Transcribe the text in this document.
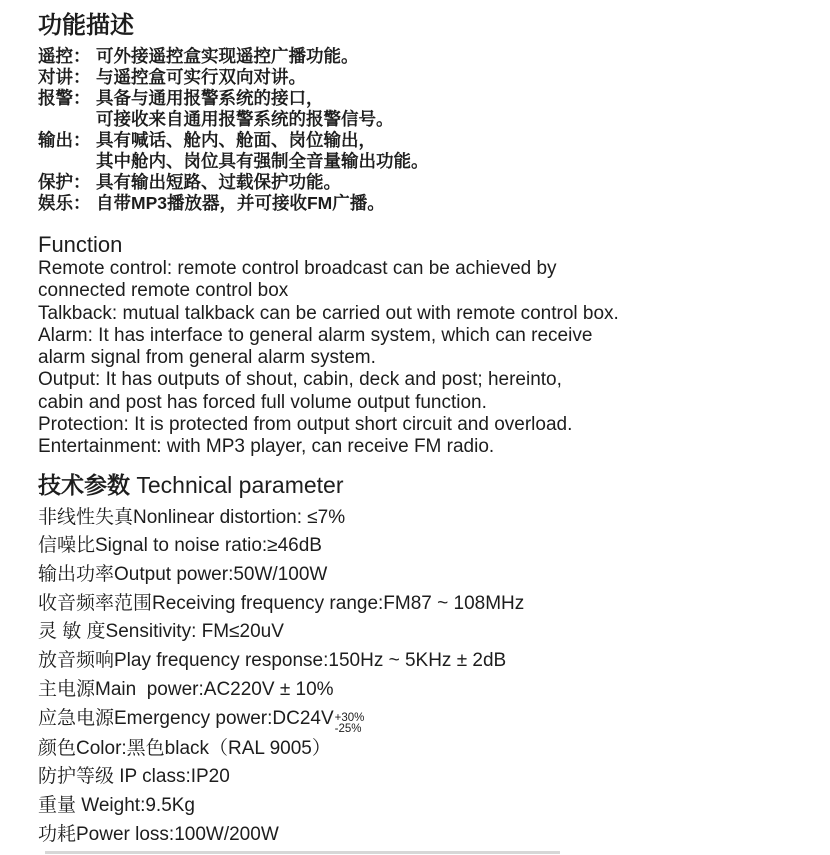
功能描述
遥控： 可外接遥控盒实现遥控广播功能。
对讲： 与遥控盒可实行双向对讲。
报警： 具备与通用报警系统的接口，
可接收来自通用报警系统的报警信号。
输出： 具有喊话、舱内、舱面、岗位输出，
其中舱内、岗位具有强制全音量输出功能。
保护： 具有输出短路、过载保护功能。
娱乐： 自带MP3播放器，并可接收FM广播。
Function
Remote control: remote control broadcast can be achieved by
connected remote control box
Talkback: mutual talkback can be carried out with remote control box.
Alarm: It has interface to general alarm system, which can receive
alarm signal from general alarm system.
Output: It has outputs of shout, cabin, deck and post; hereinto,
cabin and post has forced full volume output function.
Protection: It is protected from output short circuit and overload.
Entertainment: with MP3 player, can receive FM radio.
技术参数 Technical parameter
非线性失真Nonlinear distortion: ≤7%
信噪比Signal to noise ratio:≥46dB
输出功率Output power:50W/100W
收音频率范围Receiving frequency range:FM87 ~ 108MHz
灵 敏 度Sensitivity: FM≤20uV
放音频响Play frequency response:150Hz ~ 5KHz ± 2dB
主电源Main  power:AC220V ± 10%
应急电源Emergency power:DC24V +30%
-25%
颜色Color:黑色black（RAL 9005）
防护等级 IP class:IP20
重量 Weight:9.5Kg
功耗Power loss:100W/200W
